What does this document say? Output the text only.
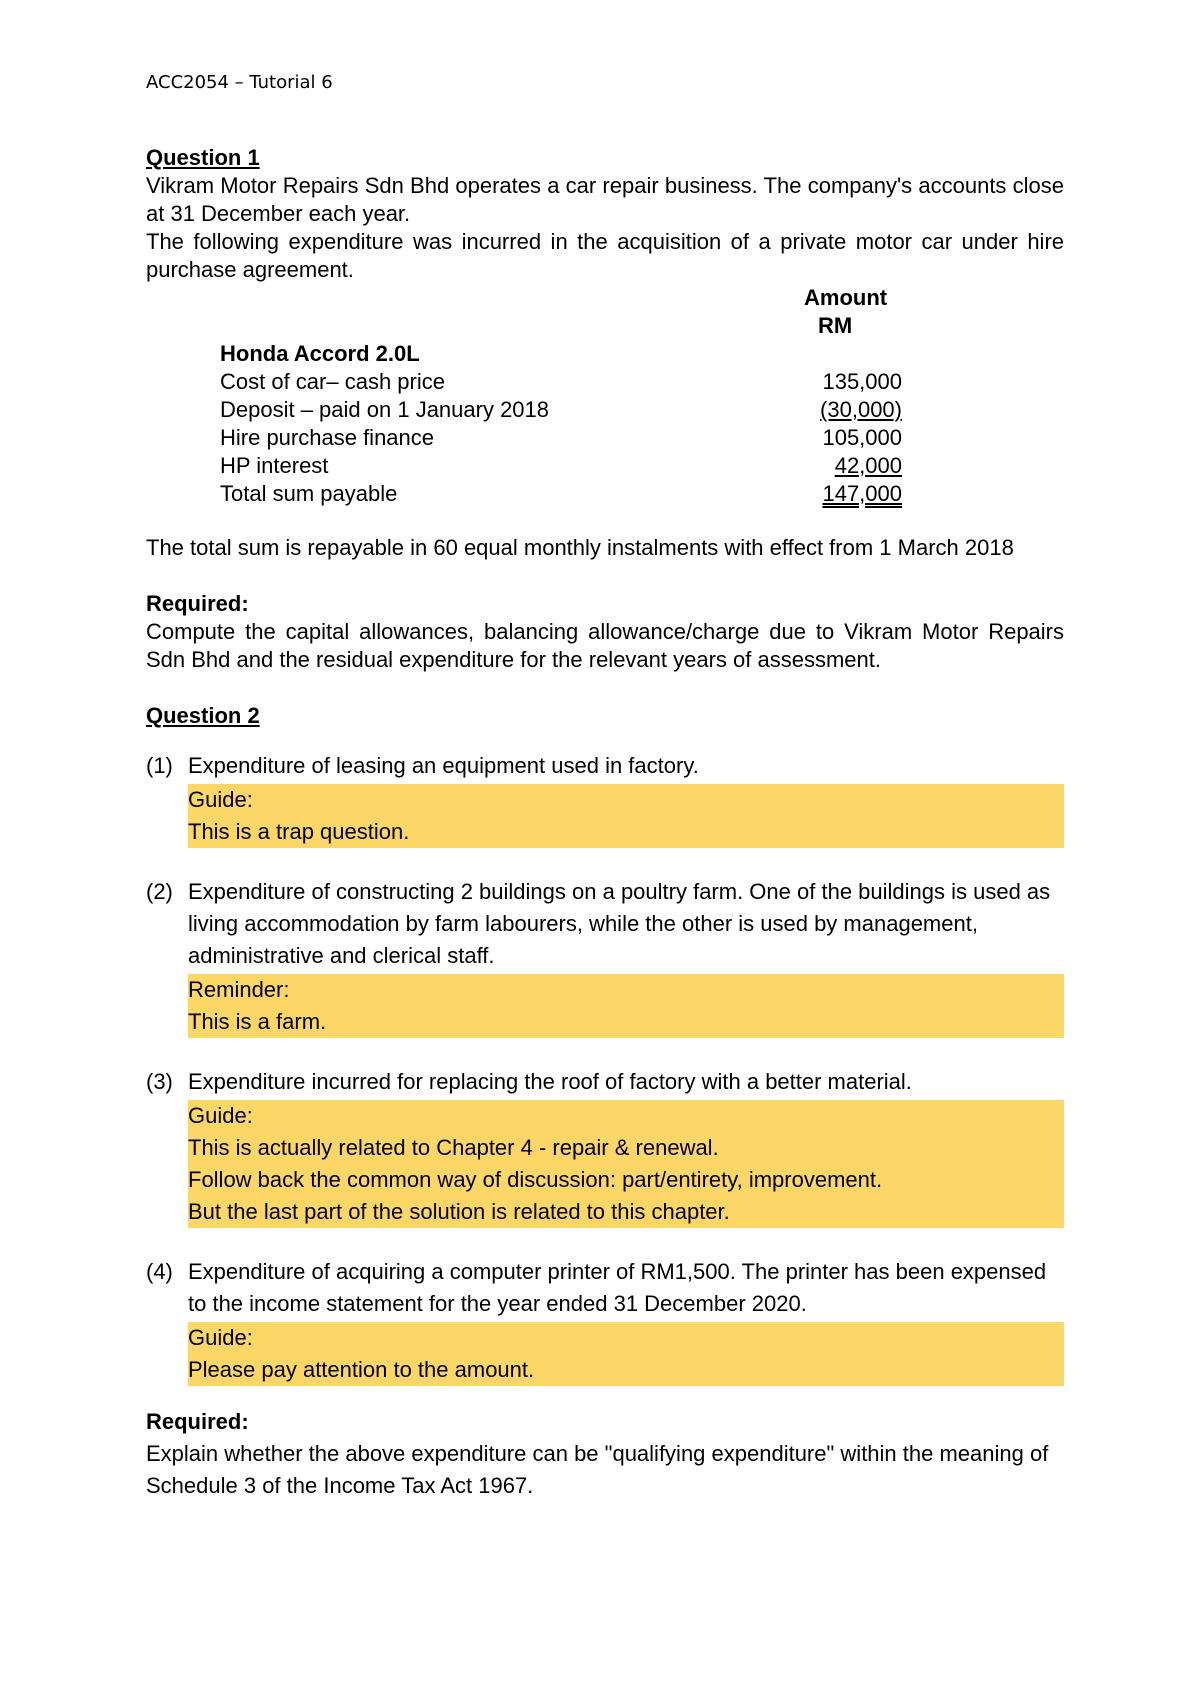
ACC2054 – Tutorial 6
Question 1
Vikram Motor Repairs Sdn Bhd operates a car repair business. The company's accounts close at 31 December each year.
The following expenditure was incurred in the acquisition of a private motor car under hire purchase agreement.
Amount
RM
Honda Accord 2.0L
Cost of car– cash price	135,000
Deposit – paid on 1 January 2018	(30,000)
Hire purchase finance	105,000
HP interest	42,000
Total sum payable	147,000
The total sum is repayable in 60 equal monthly instalments with effect from 1 March 2018
Required:
Compute the capital allowances, balancing allowance/charge due to Vikram Motor Repairs Sdn Bhd and the residual expenditure for the relevant years of assessment.
Question 2
(1) Expenditure of leasing an equipment used in factory.
Guide:
This is a trap question.
(2) Expenditure of constructing 2 buildings on a poultry farm. One of the buildings is used as living accommodation by farm labourers, while the other is used by management, administrative and clerical staff.
Reminder:
This is a farm.
(3) Expenditure incurred for replacing the roof of factory with a better material.
Guide:
This is actually related to Chapter 4 - repair & renewal.
Follow back the common way of discussion: part/entirety, improvement.
But the last part of the solution is related to this chapter.
(4) Expenditure of acquiring a computer printer of RM1,500. The printer has been expensed to the income statement for the year ended 31 December 2020.
Guide:
Please pay attention to the amount.
Required:
Explain whether the above expenditure can be "qualifying expenditure" within the meaning of Schedule 3 of the Income Tax Act 1967.
